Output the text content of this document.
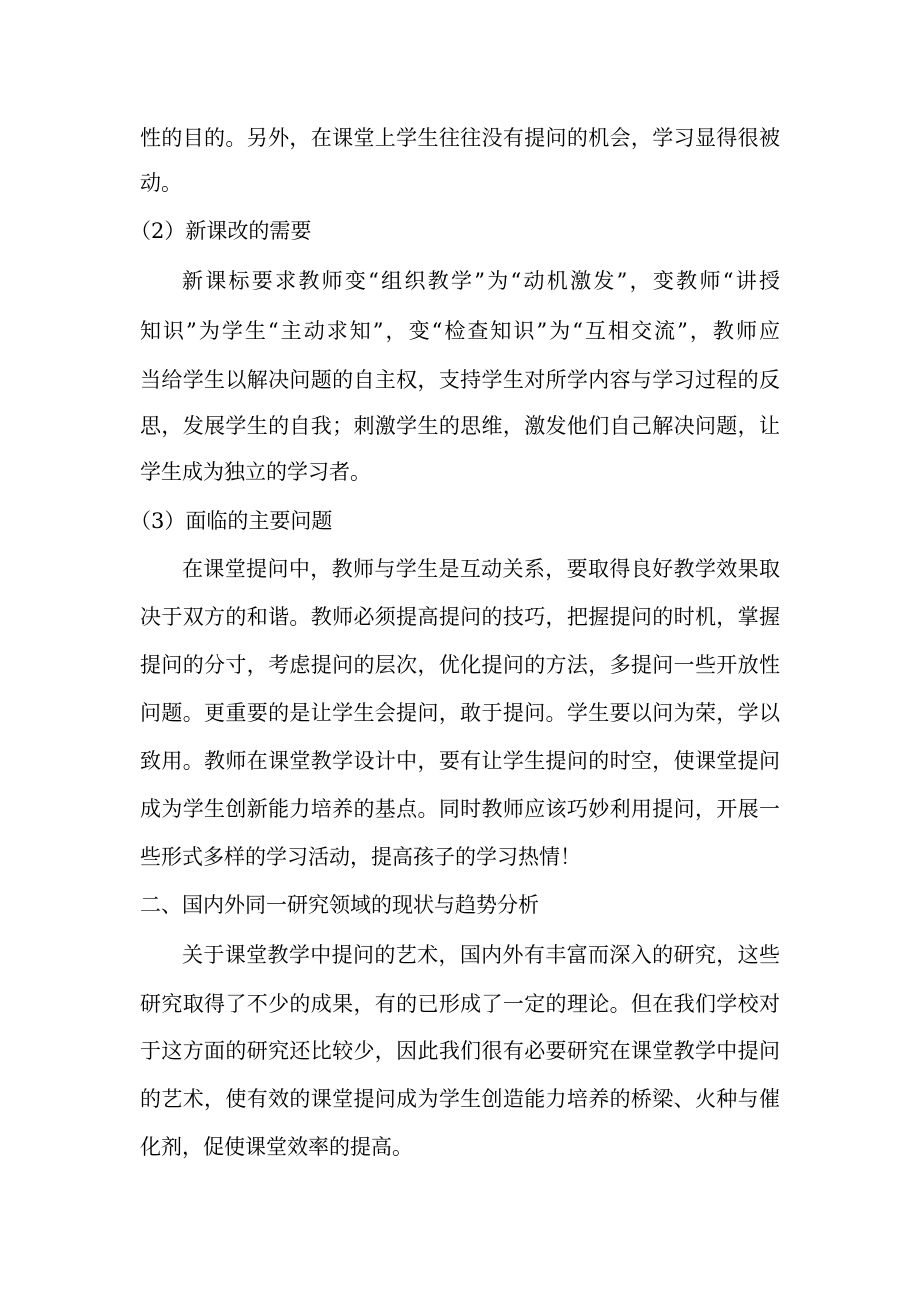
性的目的。另外，在课堂上学生往往没有提问的机会，学习显得很被
动。
（2）新课改的需要
新课标要求教师变“组织教学”为“动机激发”，变教师“讲授
知识”为学生“主动求知”，变“检查知识”为“互相交流”，教师应
当给学生以解决问题的自主权，支持学生对所学内容与学习过程的反
思，发展学生的自我；刺激学生的思维，激发他们自己解决问题，让
学生成为独立的学习者。
（3）面临的主要问题
在课堂提问中，教师与学生是互动关系，要取得良好教学效果取
决于双方的和谐。教师必须提高提问的技巧，把握提问的时机，掌握
提问的分寸，考虑提问的层次，优化提问的方法，多提问一些开放性
问题。更重要的是让学生会提问，敢于提问。学生要以问为荣，学以
致用。教师在课堂教学设计中，要有让学生提问的时空，使课堂提问
成为学生创新能力培养的基点。同时教师应该巧妙利用提问，开展一
些形式多样的学习活动，提高孩子的学习热情！
二、国内外同一研究领域的现状与趋势分析
关于课堂教学中提问的艺术，国内外有丰富而深入的研究，这些
研究取得了不少的成果，有的已形成了一定的理论。但在我们学校对
于这方面的研究还比较少，因此我们很有必要研究在课堂教学中提问
的艺术，使有效的课堂提问成为学生创造能力培养的桥梁、火种与催
化剂，促使课堂效率的提高。
